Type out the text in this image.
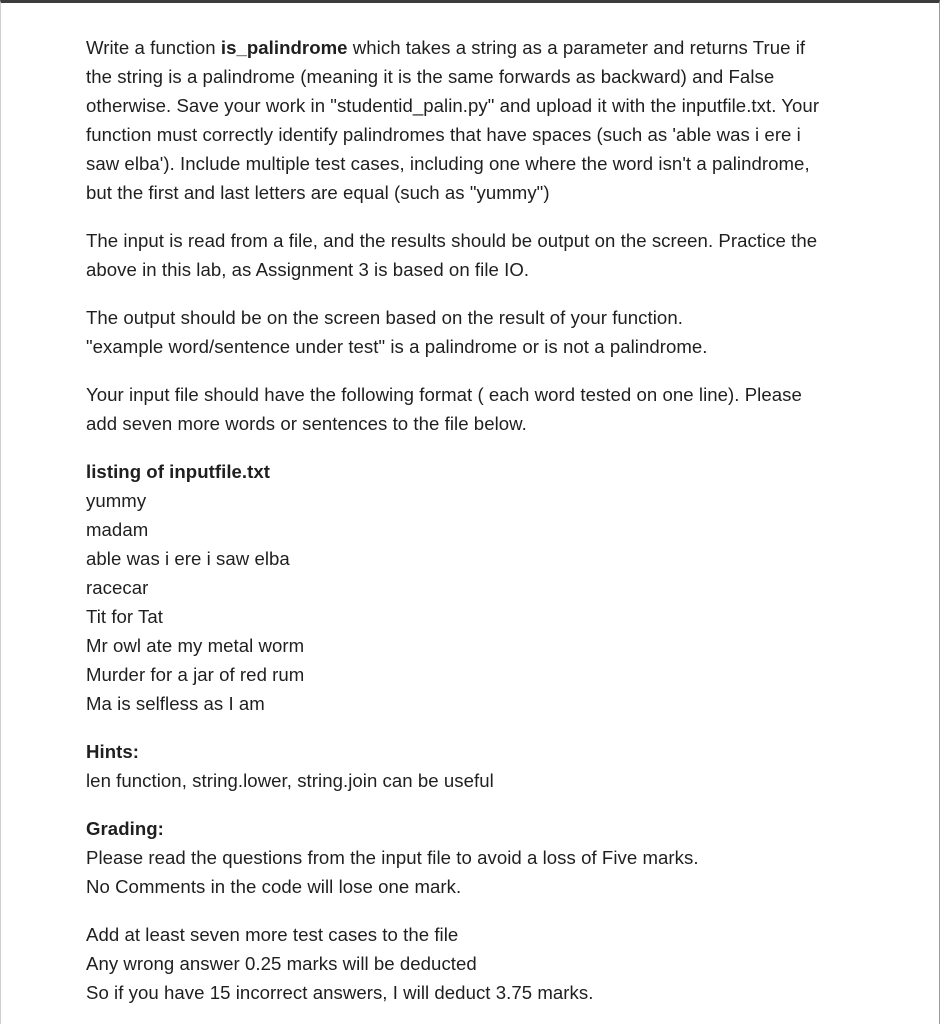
Write a function is_palindrome which takes a string as a parameter and returns True if
the string is a palindrome (meaning it is the same forwards as backward) and False
otherwise. Save your work in "studentid_palin.py" and upload it with the inputfile.txt. Your
function must correctly identify palindromes that have spaces (such as 'able was i ere i
saw elba'). Include multiple test cases, including one where the word isn't a palindrome,
but the first and last letters are equal (such as "yummy")

The input is read from a file, and the results should be output on the screen. Practice the
above in this lab, as Assignment 3 is based on file IO.

The output should be on the screen based on the result of your function.
"example word/sentence under test" is a palindrome or is not a palindrome.

Your input file should have the following format ( each word tested on one line). Please
add seven more words or sentences to the file below.

listing of inputfile.txt
yummy
madam
able was i ere i saw elba
racecar
Tit for Tat
Mr owl ate my metal worm
Murder for a jar of red rum
Ma is selfless as I am
Hints:
len function, string.lower, string.join can be useful
Grading:
Please read the questions from the input file to avoid a loss of Five marks.
No Comments in the code will lose one mark.
Add at least seven more test cases to the file
Any wrong answer 0.25 marks will be deducted
So if you have 15 incorrect answers, I will deduct 3.75 marks.
